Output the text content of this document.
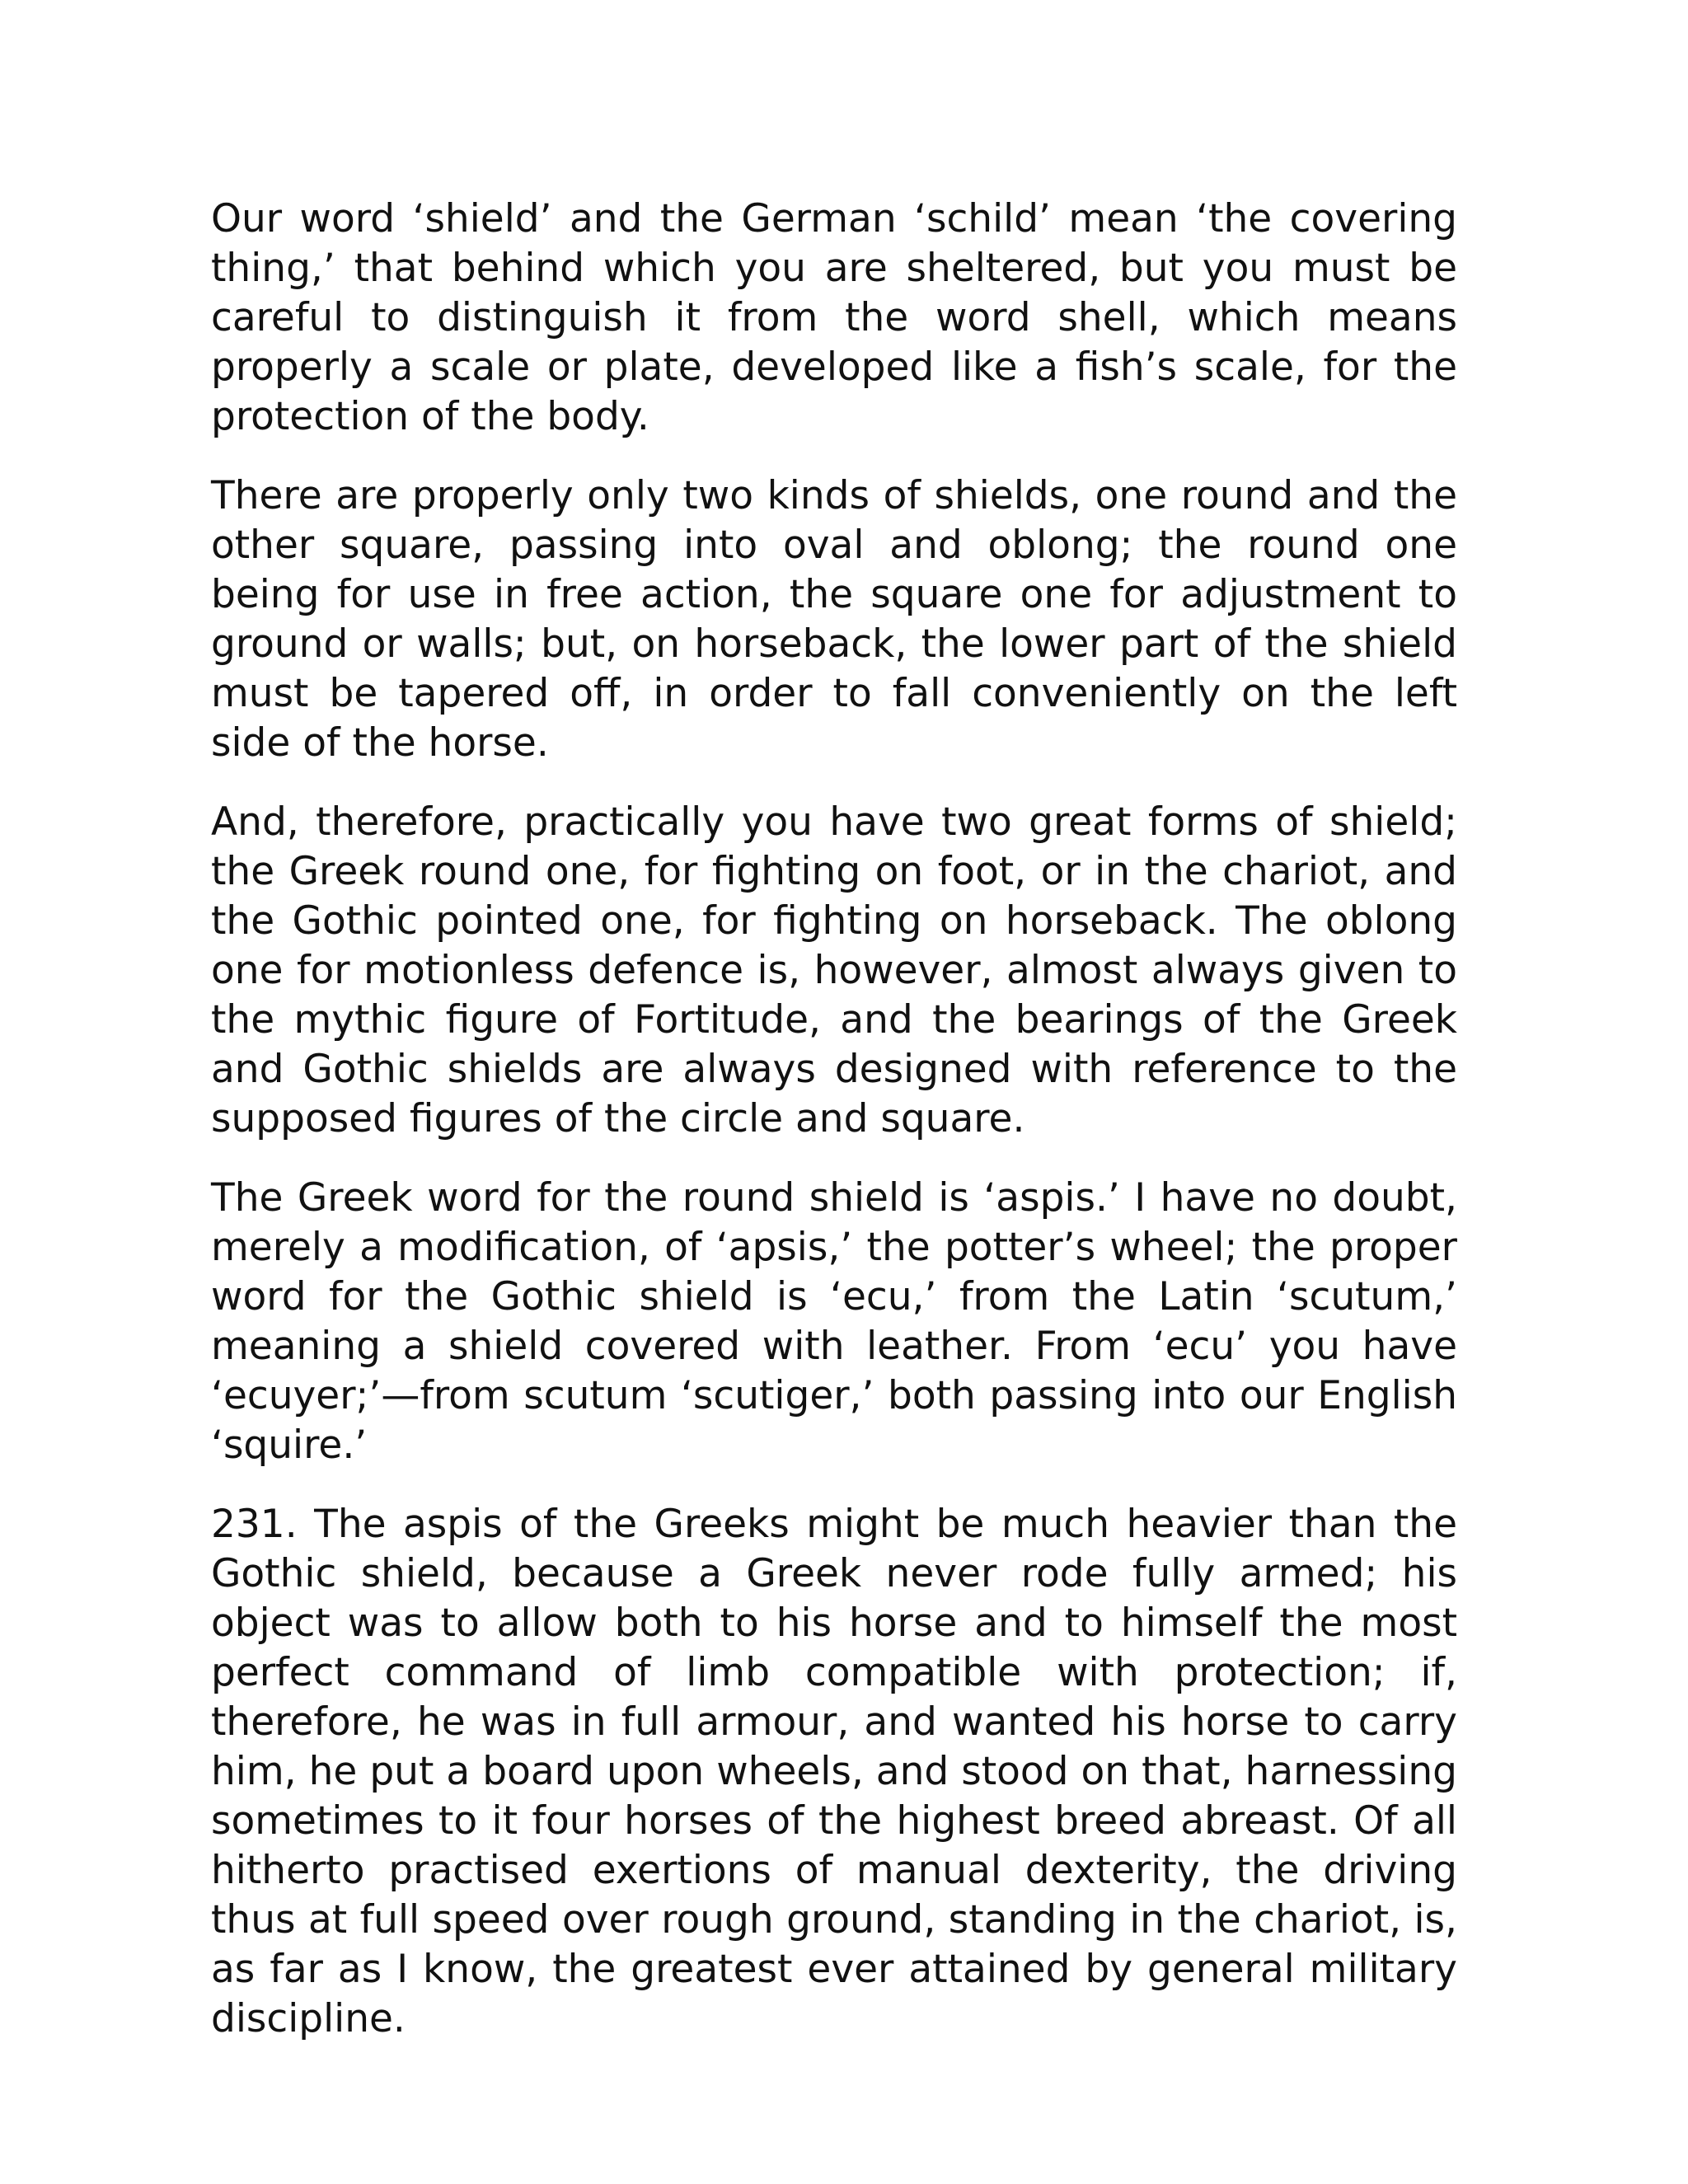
Our word ‘shield’ and the German ‘schild’ mean ‘the covering thing,’ that behind which you are sheltered, but you must be careful to distinguish it from the word shell, which means properly a scale or plate, developed like a fish’s scale, for the protection of the body.

There are properly only two kinds of shields, one round and the other square, passing into oval and oblong; the round one being for use in free action, the square one for adjustment to ground or walls; but, on horseback, the lower part of the shield must be tapered off, in order to fall conveniently on the left side of the horse.

And, therefore, practically you have two great forms of shield; the Greek round one, for fighting on foot, or in the chariot, and the Gothic pointed one, for fighting on horseback. The oblong one for motionless defence is, however, almost always given to the mythic figure of Fortitude, and the bearings of the Greek and Gothic shields are always designed with reference to the supposed figures of the circle and square.

The Greek word for the round shield is ‘aspis.’ I have no doubt, merely a modification, of ‘apsis,’ the potter’s wheel; the proper word for the Gothic shield is ‘ecu,’ from the Latin ‘scutum,’ meaning a shield covered with leather. From ‘ecu’ you have ‘ecuyer;’—from scutum ‘scutiger,’ both passing into our English ‘squire.’

231. The aspis of the Greeks might be much heavier than the Gothic shield, because a Greek never rode fully armed; his object was to allow both to his horse and to himself the most perfect command of limb compatible with protection; if, therefore, he was in full armour, and wanted his horse to carry him, he put a board upon wheels, and stood on that, harnessing sometimes to it four horses of the highest breed abreast. Of all hitherto practised exertions of manual dexterity, the driving thus at full speed over rough ground, standing in the chariot, is, as far as I know, the greatest ever attained by general military discipline.
